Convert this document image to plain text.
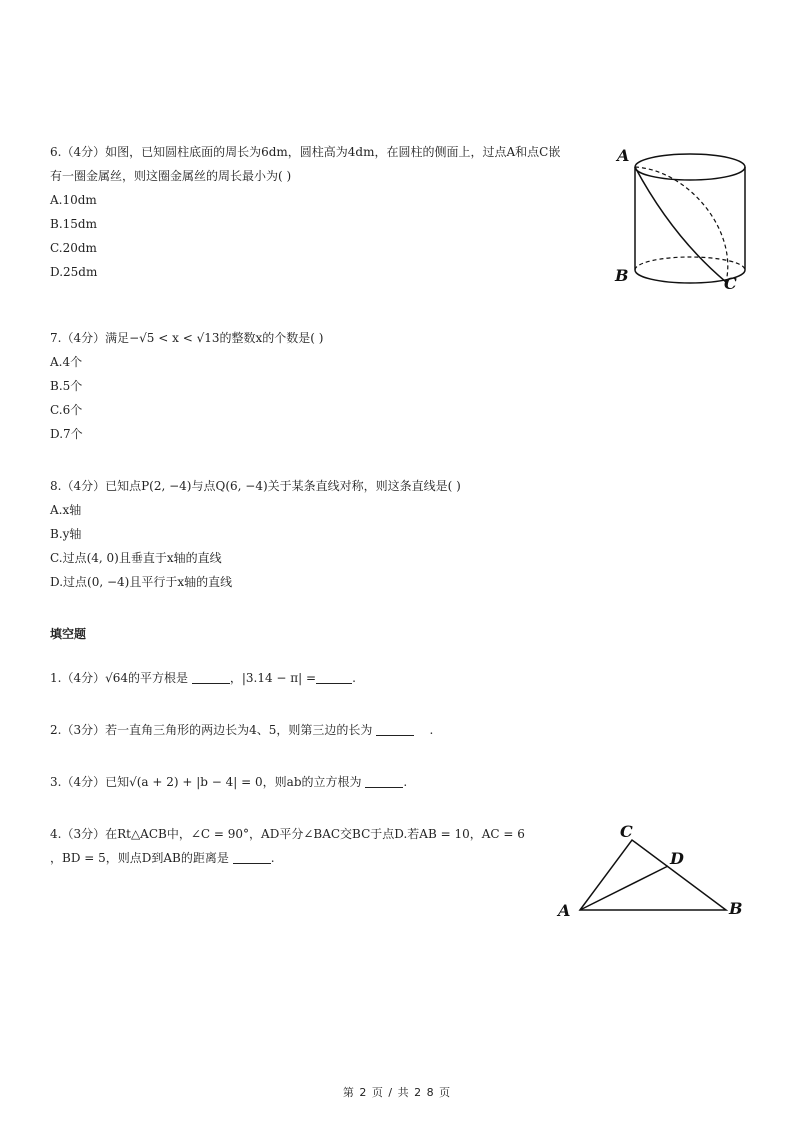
6.（4分）如图，已知圆柱底面的周长为6dm，圆柱高为4dm，在圆柱的侧面上，过点A和点C嵌
有一圈金属丝，则这圈金属丝的周长最小为( )
A.10dm
B.15dm
C.20dm
D.25dm
A
B	C
7.（4分）满足−√5 < x < √13的整数x的个数是( )
A.4个
B.5个
C.6个
D.7个
8.（4分）已知点P(2, −4)与点Q(6, −4)关于某条直线对称，则这条直线是( )
A.x轴
B.y轴
C.过点(4, 0)且垂直于x轴的直线
D.过点(0, −4)且平行于x轴的直线
填空题
1.（4分）√64的平方根是	，|3.14 − π| =	.
2.（3分）若一直角三角形的两边长为4、5，则第三边的长为	.
3.（4分）已知√(a + 2) + |b − 4| = 0，则ab的立方根为	.
4.（3分）在Rt△ACB中，∠C = 90°，AD平分∠BAC交BC于点D.若AB = 10，AC = 6
，BD = 5，则点D到AB的距离是	.
C
D
A	B
第 2 页 / 共 2 8 页
